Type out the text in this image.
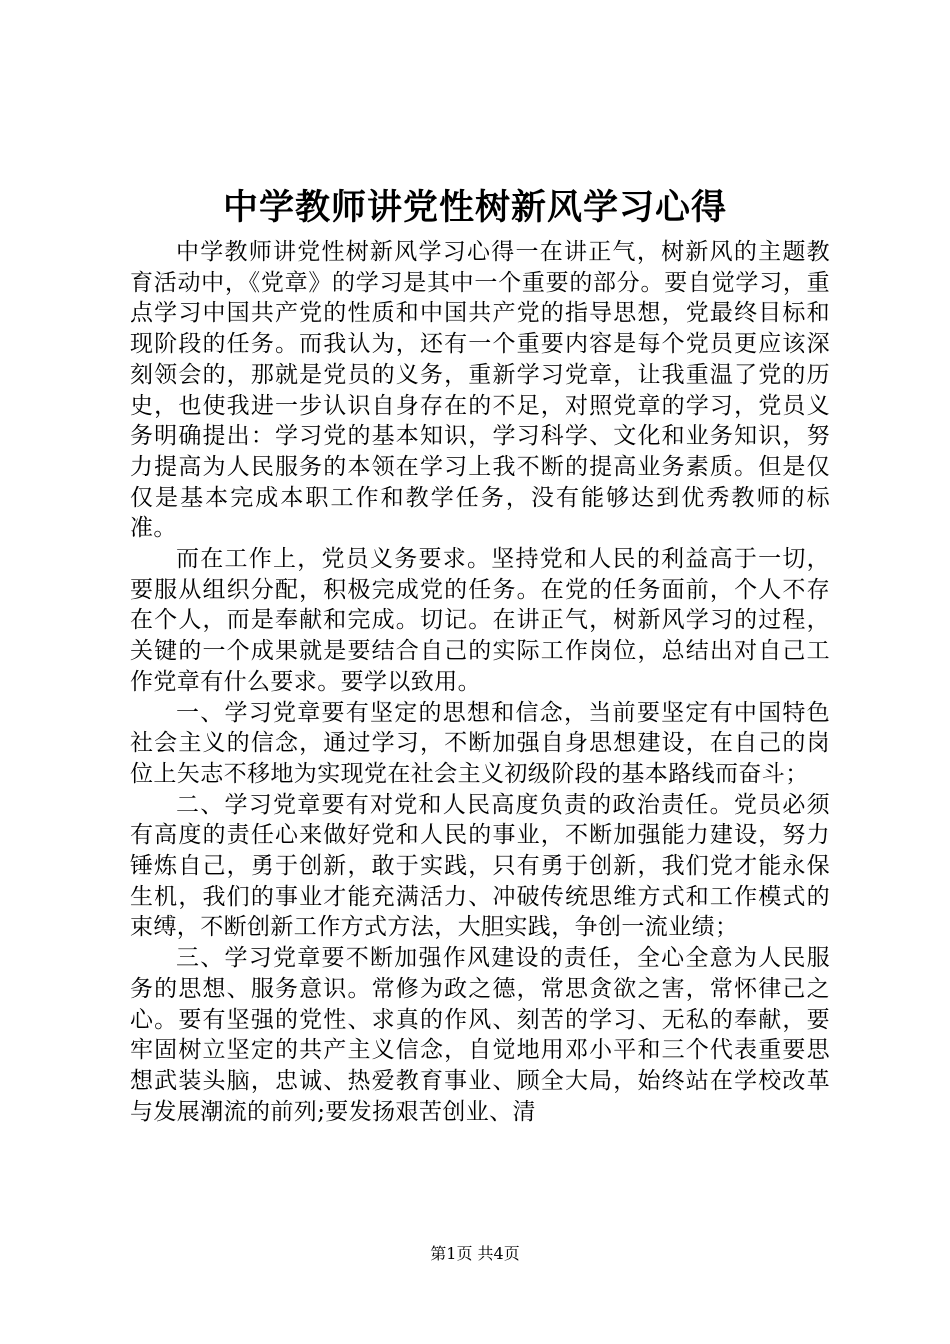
中学教师讲党性树新风学习心得

中学教师讲党性树新风学习心得一在讲正气，树新风的主题教育活动中，《党章》的学习是其中一个重要的部分。要自觉学习，重点学习中国共产党的性质和中国共产党的指导思想，党最终目标和现阶段的任务。而我认为，还有一个重要内容是每个党员更应该深刻领会的，那就是党员的义务，重新学习党章，让我重温了党的历史，也使我进一步认识自身存在的不足，对照党章的学习，党员义务明确提出：学习党的基本知识，学习科学、文化和业务知识，努力提高为人民服务的本领在学习上我不断的提高业务素质。但是仅仅是基本完成本职工作和教学任务，没有能够达到优秀教师的标准。

而在工作上，党员义务要求。坚持党和人民的利益高于一切，要服从组织分配，积极完成党的任务。在党的任务面前，个人不存在个人，而是奉献和完成。切记。在讲正气，树新风学习的过程，关键的一个成果就是要结合自己的实际工作岗位，总结出对自己工作党章有什么要求。要学以致用。

一、学习党章要有坚定的思想和信念，当前要坚定有中国特色社会主义的信念，通过学习，不断加强自身思想建设，在自己的岗位上矢志不移地为实现党在社会主义初级阶段的基本路线而奋斗；

二、学习党章要有对党和人民高度负责的政治责任。党员必须有高度的责任心来做好党和人民的事业，不断加强能力建设，努力锤炼自己，勇于创新，敢于实践，只有勇于创新，我们党才能永保生机，我们的事业才能充满活力、冲破传统思维方式和工作模式的束缚，不断创新工作方式方法，大胆实践，争创一流业绩；

三、学习党章要不断加强作风建设的责任，全心全意为人民服务的思想、服务意识。常修为政之德，常思贪欲之害，常怀律己之心。要有坚强的党性、求真的作风、刻苦的学习、无私的奉献，要牢固树立坚定的共产主义信念，自觉地用邓小平和三个代表重要思想武装头脑，忠诚、热爱教育事业、顾全大局，始终站在学校改革与发展潮流的前列;要发扬艰苦创业、清

第1页 共4页
